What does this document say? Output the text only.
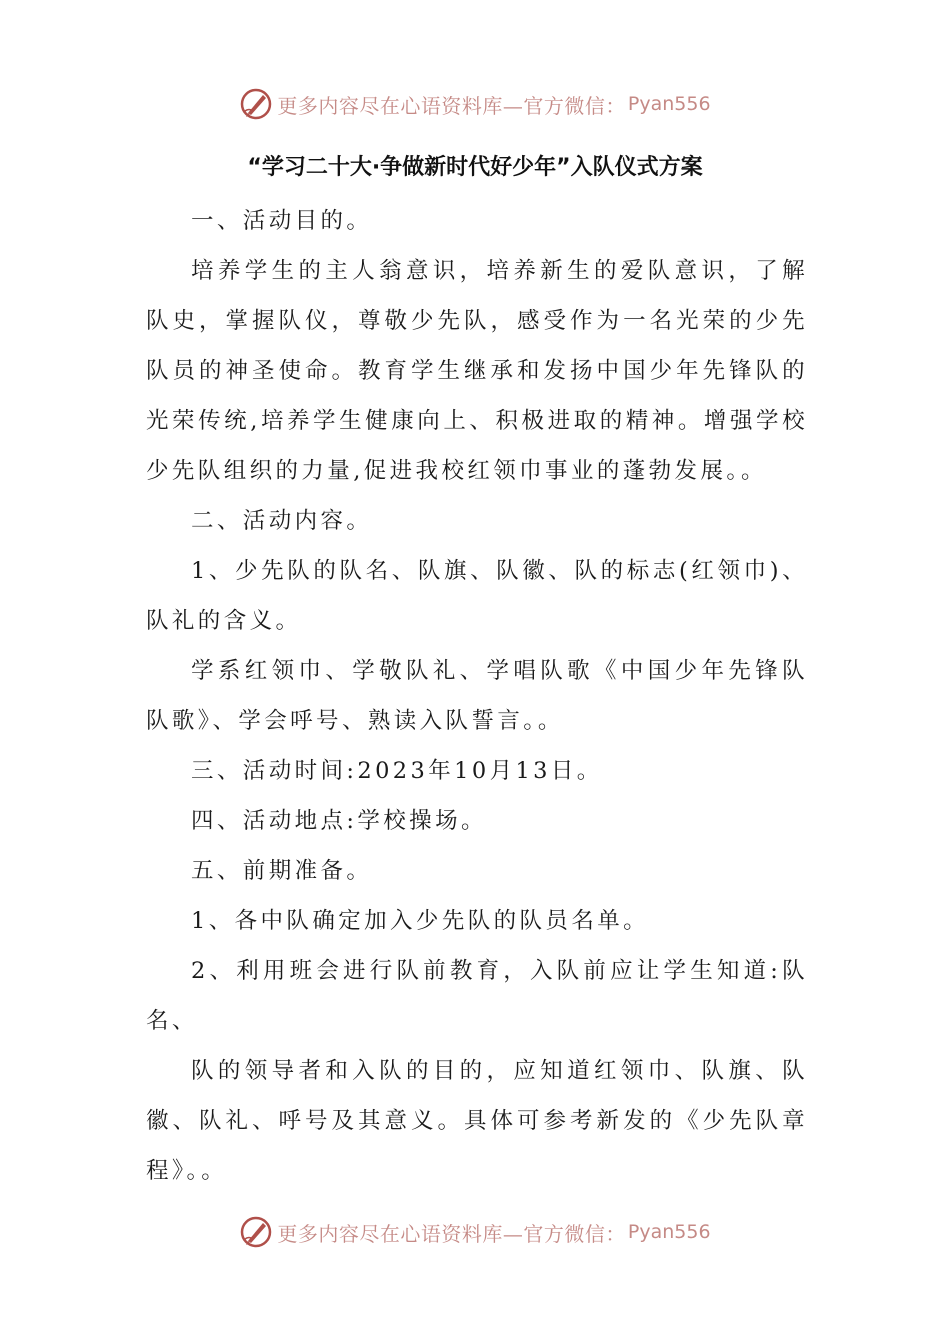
更多内容尽在心语资料库—官方微信： Pyan556
“学习二十大·争做新时代好少年”入队仪式方案

一、活动目的。

培养学生的主人翁意识，培养新生的爱队意识，了解队史，掌握队仪，尊敬少先队，感受作为一名光荣的少先队员的神圣使命。教育学生继承和发扬中国少年先锋队的光荣传统,培养学生健康向上、积极进取的精神。增强学校少先队组织的力量,促进我校红领巾事业的蓬勃发展。。

二、活动内容。

1、少先队的队名、队旗、队徽、队的标志(红领巾)、队礼的含义。

学系红领巾、学敬队礼、学唱队歌《中国少年先锋队队歌》、学会呼号、熟读入队誓言。。

三、活动时间:2023年10月13日。

四、活动地点:学校操场。

五、前期准备。

1、各中队确定加入少先队的队员名单。

2、利用班会进行队前教育，入队前应让学生知道:队名、

队的领导者和入队的目的，应知道红领巾、队旗、队徽、队礼、呼号及其意义。具体可参考新发的《少先队章程》。。

更多内容尽在心语资料库—官方微信： Pyan556
